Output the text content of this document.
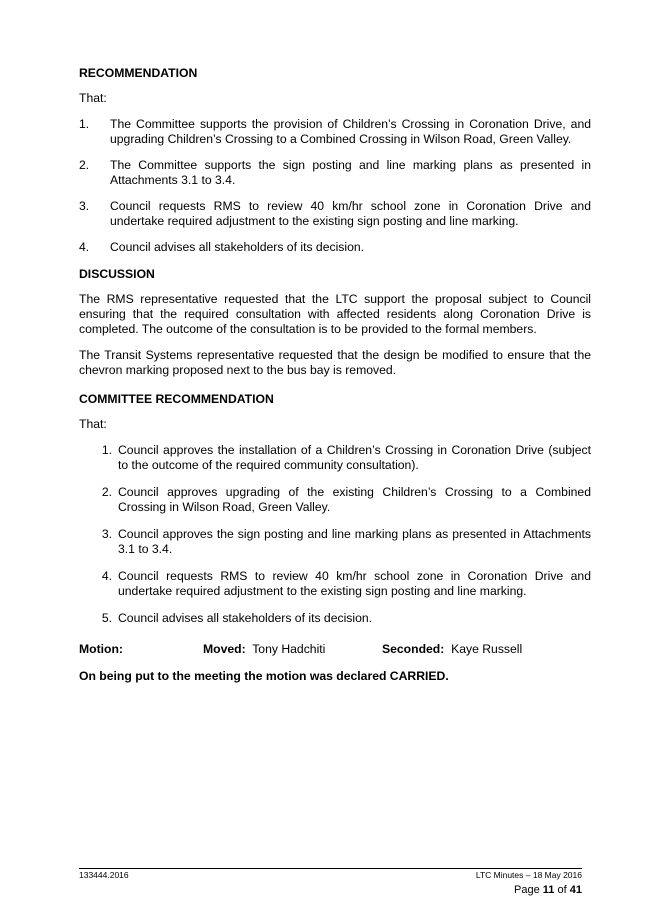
RECOMMENDATION
That:
1.	The Committee supports the provision of Children’s Crossing in Coronation Drive, and upgrading Children’s Crossing to a Combined Crossing in Wilson Road, Green Valley.
2.	The Committee supports the sign posting and line marking plans as presented in Attachments 3.1 to 3.4.
3.	Council requests RMS to review 40 km/hr school zone in Coronation Drive and undertake required adjustment to the existing sign posting and line marking.
4.	Council advises all stakeholders of its decision.
DISCUSSION

The RMS representative requested that the LTC support the proposal subject to Council ensuring that the required consultation with affected residents along Coronation Drive is completed. The outcome of the consultation is to be provided to the formal members.

The Transit Systems representative requested that the design be modified to ensure that the chevron marking proposed next to the bus bay is removed.

COMMITTEE RECOMMENDATION
That:
1. Council approves the installation of a Children’s Crossing in Coronation Drive (subject to the outcome of the required community consultation).
2. Council approves upgrading of the existing Children’s Crossing to a Combined Crossing in Wilson Road, Green Valley.
3. Council approves the sign posting and line marking plans as presented in Attachments 3.1 to 3.4.
4. Council requests RMS to review 40 km/hr school zone in Coronation Drive and undertake required adjustment to the existing sign posting and line marking.
5. Council advises all stakeholders of its decision.
Motion:	Moved: Tony Hadchiti	Seconded: Kaye Russell
On being put to the meeting the motion was declared CARRIED.
133444.2016	LTC Minutes – 18 May 2016
Page 11 of 41
